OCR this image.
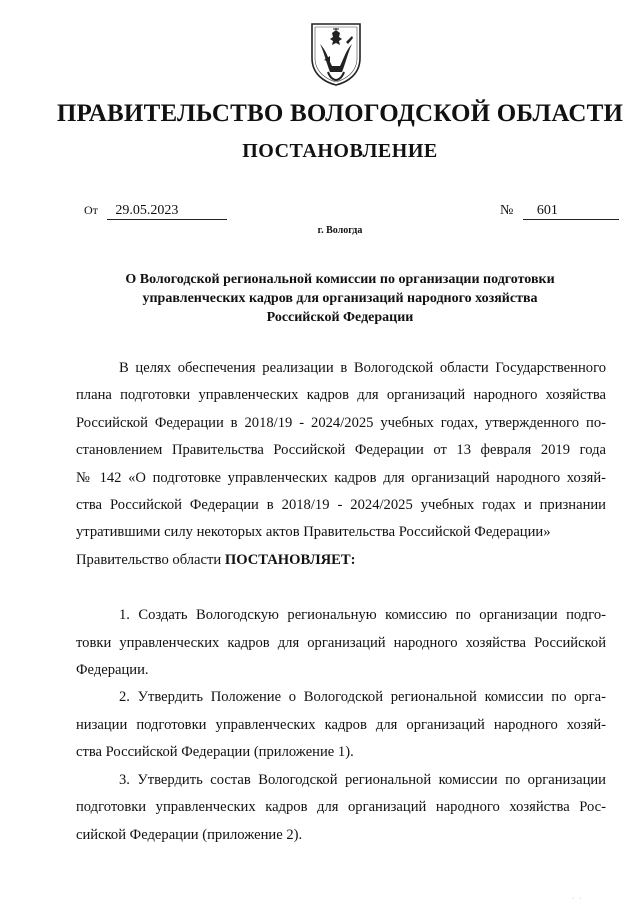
ПРАВИТЕЛЬСТВО ВОЛОГОДСКОЙ ОБЛАСТИ
ПОСТАНОВЛЕНИЕ
От 29.05.2023	№ 601
г. Вологда
О Вологодской региональной комиссии по организации подготовки
управленческих кадров для организаций народного хозяйства
Российской Федерации
В целях обеспечения реализации в Вологодской области Государственного
плана подготовки управленческих кадров для организаций народного хозяйства
Российской Федерации в 2018/19 - 2024/2025 учебных годах, утвержденного по-
становлением Правительства Российской Федерации от 13 февраля 2019 года
№ 142 «О подготовке управленческих кадров для организаций народного хозяй-
ства Российской Федерации в 2018/19 - 2024/2025 учебных годах и признании
утратившими силу некоторых актов Правительства Российской Федерации»
Правительство области ПОСТАНОВЛЯЕТ:
1. Создать Вологодскую региональную комиссию по организации подго-
товки управленческих кадров для организаций народного хозяйства Российской
Федерации.
2. Утвердить Положение о Вологодской региональной комиссии по орга-
низации подготовки управленческих кадров для организаций народного хозяй-
ства Российской Федерации (приложение 1).
3. Утвердить состав Вологодской региональной комиссии по организации
подготовки управленческих кадров для организаций народного хозяйства Рос-
сийской Федерации (приложение 2).
· ·
